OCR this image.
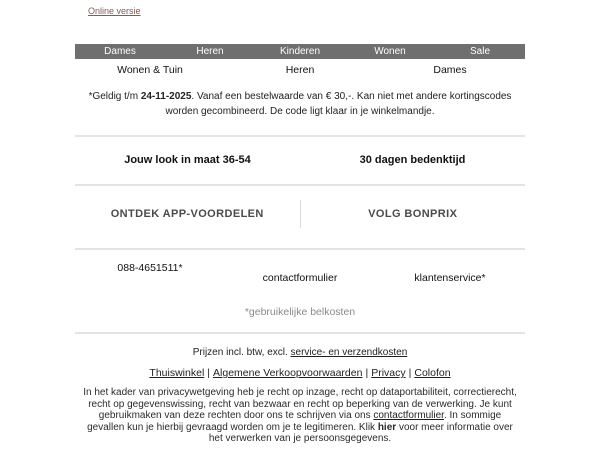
Online versie
Dames	Heren	Kinderen	Wonen	Sale
Wonen & Tuin	Heren	Dames

*Geldig t/m 24-11-2025. Vanaf een bestelwaarde van € 30,-. Kan niet met andere kortingscodes worden gecombineerd. De code ligt klaar in je winkelmandje.

Jouw look in maat 36-54	30 dagen bedenktijd
ONTDEK APP-VOORDELEN	VOLG BONPRIX
088-4651511*
contactformulier	klantenservice*
*gebruikelijke belkosten

Prijzen incl. btw, excl. service- en verzendkosten

Thuiswinkel | Algemene Verkoopvoorwaarden | Privacy | Colofon

In het kader van privacywetgeving heb je recht op inzage, recht op dataportabiliteit, correctierecht, recht op gegevenswissing, recht van bezwaar en recht op beperking van de verwerking. Je kunt gebruikmaken van deze rechten door ons te schrijven via ons contactformulier. In sommige gevallen kun je hierbij gevraagd worden om je te legitimeren. Klik hier voor meer informatie over het verwerken van je persoonsgegevens.
